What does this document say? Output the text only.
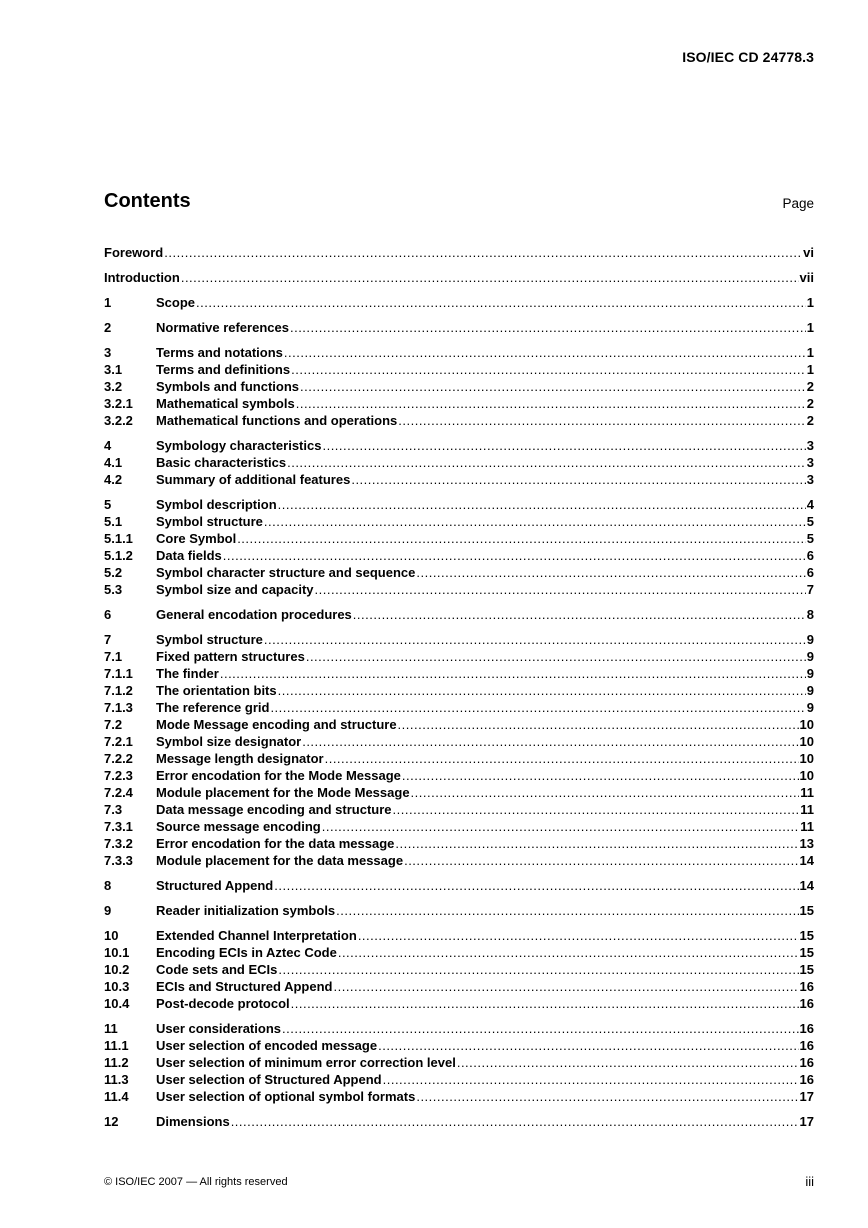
ISO/IEC CD 24778.3
Contents	Page
Foreword .....	vi
Introduction .....	vii
1	Scope .....	1
2	Normative references .....	1
3	Terms and notations .....	1
3.1	Terms and definitions .....	1
3.2	Symbols and functions .....	2
3.2.1	Mathematical symbols .....	2
3.2.2	Mathematical functions and operations .....	2
4	Symbology characteristics .....	3
4.1	Basic characteristics .....	3
4.2	Summary of additional features .....	3
5	Symbol description .....	4
5.1	Symbol structure .....	5
5.1.1	Core Symbol .....	5
5.1.2	Data fields .....	6
5.2	Symbol character structure and sequence .....	6
5.3	Symbol size and capacity .....	7
6	General encodation procedures .....	8
7	Symbol structure .....	9
7.1	Fixed pattern structures .....	9
7.1.1	The finder .....	9
7.1.2	The orientation bits .....	9
7.1.3	The reference grid .....	9
7.2	Mode Message encoding and structure .....	10
7.2.1	Symbol size designator .....	10
7.2.2	Message length designator .....	10
7.2.3	Error encodation for the Mode Message .....	10
7.2.4	Module placement for the Mode Message .....	11
7.3	Data message encoding and structure .....	11
7.3.1	Source message encoding .....	11
7.3.2	Error encodation for the data message .....	13
7.3.3	Module placement for the data message .....	14
8	Structured Append .....	14
9	Reader initialization symbols .....	15
10	Extended Channel Interpretation .....	15
10.1	Encoding ECIs in Aztec Code .....	15
10.2	Code sets and ECIs .....	15
10.3	ECIs and Structured Append .....	16
10.4	Post-decode protocol .....	16
11	User considerations .....	16
11.1	User selection of encoded message .....	16
11.2	User selection of minimum error correction level .....	16
11.3	User selection of Structured Append .....	16
11.4	User selection of optional symbol formats .....	17
12	Dimensions .....	17
© ISO/IEC 2007 — All rights reserved	iii
